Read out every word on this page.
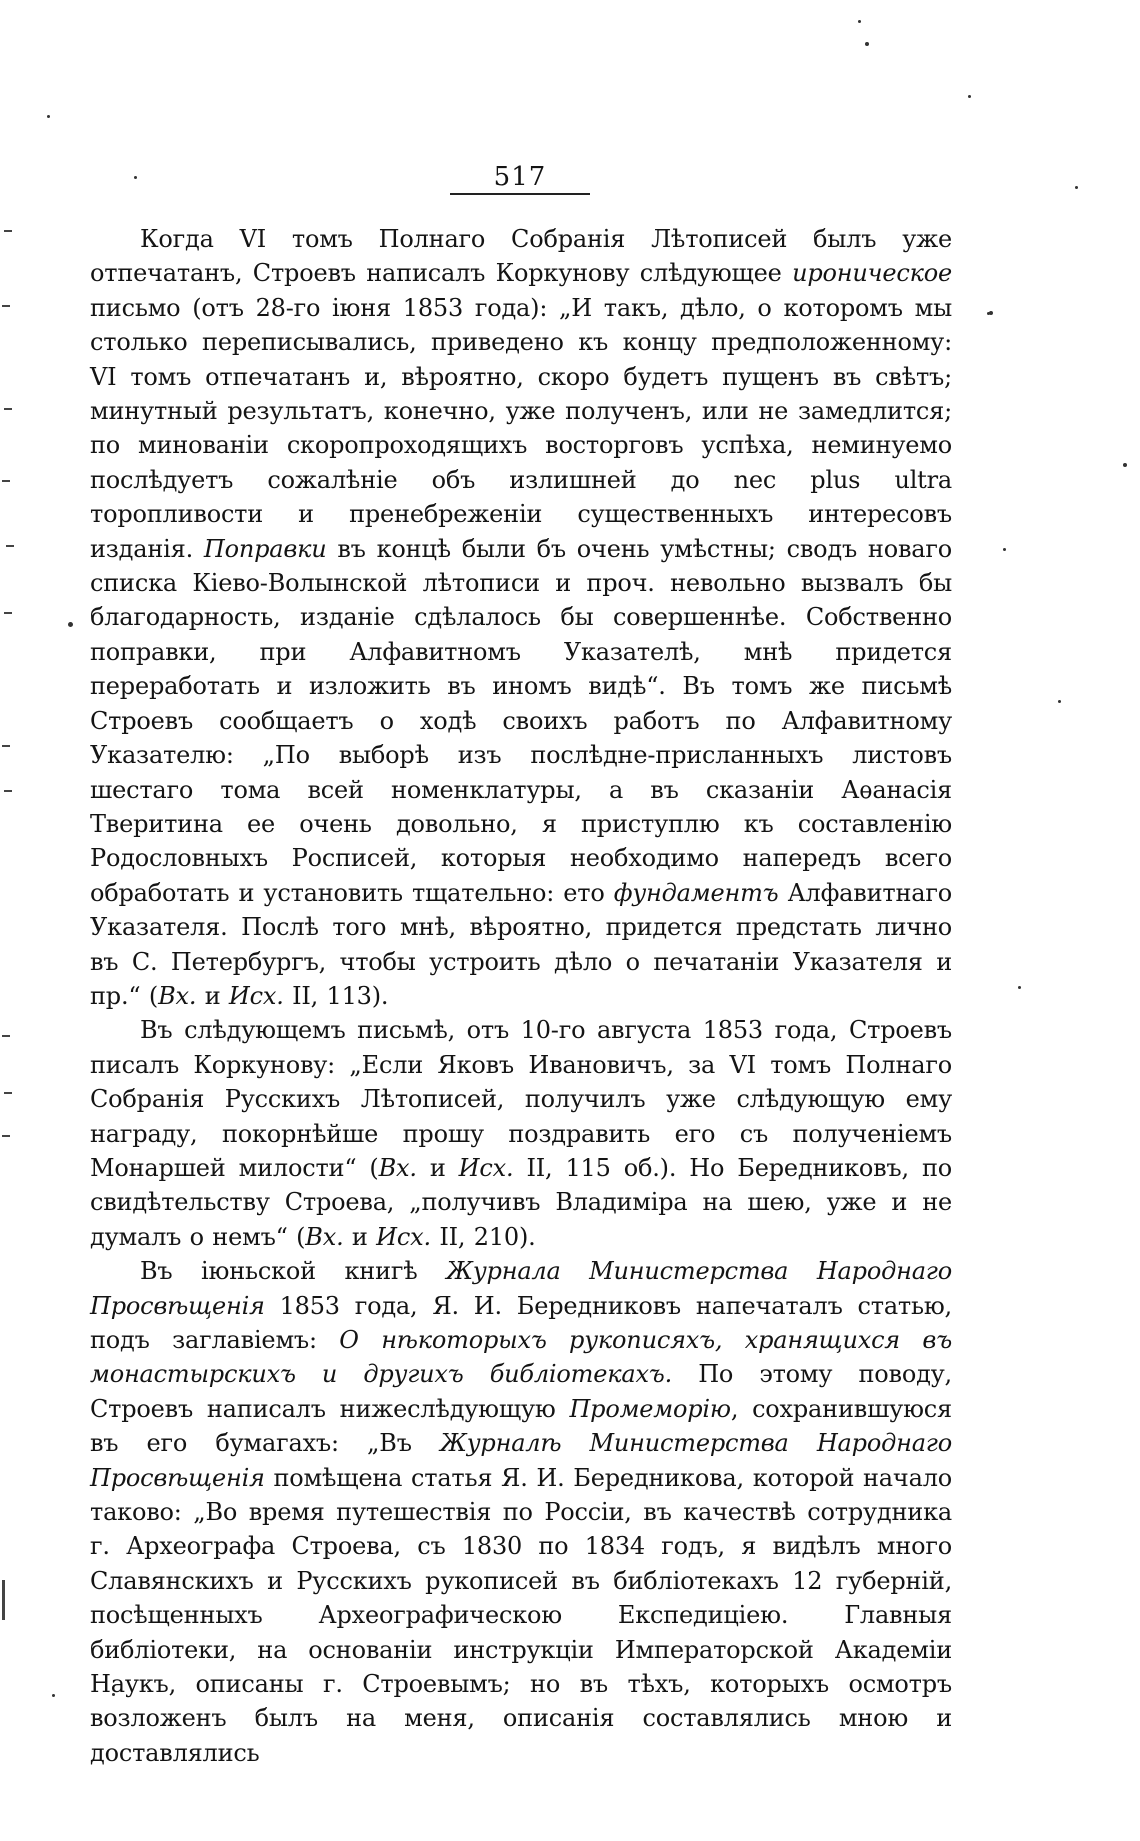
517

Когда VI томъ Полнаго Собранія Лѣтописей былъ уже отпечатанъ, Строевъ написалъ Коркунову слѣдующее ироническое письмо (отъ 28-го іюня 1853 года): „И такъ, дѣло, о которомъ мы столько переписывались, приведено къ концу предположенному: VI томъ отпечатанъ и, вѣроятно, скоро будетъ пущенъ въ свѣтъ; минутный результатъ, конечно, уже полученъ, или не замедлится; по минованіи скоропроходящихъ восторговъ успѣха, неминуемо послѣдуетъ сожалѣніе объ излишней до nec plus ultra торопливости и пренебреженіи существенныхъ интересовъ изданія. Поправки въ концѣ были бъ очень умѣстны; сводъ новаго списка Кіево-Волынской лѣтописи и проч. невольно вызвалъ бы благодарность, изданіе сдѣлалось бы совершеннѣе. Собственно поправки, при Алфавитномъ Указателѣ, мнѣ придется переработать и изложить въ иномъ видѣ“. Въ томъ же письмѣ Строевъ сообщаетъ о ходѣ своихъ работъ по Алфавитному Указателю: „По выборѣ изъ послѣдне-присланныхъ листовъ шестаго тома всей номенклатуры, а въ сказаніи Аѳанасія Тверитина ее очень довольно, я приступлю къ составленію Родословныхъ Росписей, которыя необходимо напередъ всего обработать и установить тщательно: ето фундаментъ Алфавитнаго Указателя. Послѣ того мнѣ, вѣроятно, придется предстать лично въ С. Петербургъ, чтобы устроить дѣло о печатаніи Указателя и пр.“ (Вх. и Исх. II, 113).

Въ слѣдующемъ письмѣ, отъ 10-го августа 1853 года, Строевъ писалъ Коркунову: „Если Яковъ Ивановичъ, за VI томъ Полнаго Собранія Русскихъ Лѣтописей, получилъ уже слѣдующую ему награду, покорнѣйше прошу поздравить его съ полученіемъ Монаршей милости“ (Вх. и Исх. II, 115 об.). Но Бередниковъ, по свидѣтельству Строева, „получивъ Владиміра на шею, уже и не думалъ о немъ“ (Вх. и Исх. II, 210).

Въ іюньской книгѣ Журнала Министерства Народнаго Просвѣщенія 1853 года, Я. И. Бередниковъ напечаталъ статью, подъ заглавіемъ: О нѣкоторыхъ рукописяхъ, хранящихся въ монастырскихъ и другихъ библіотекахъ. По этому поводу, Строевъ написалъ нижеслѣдующую Промеморію, сохранившуюся въ его бумагахъ: „Въ Журналѣ Министерства Народнаго Просвѣщенія помѣщена статья Я. И. Бередникова, которой начало таково: „Во время путешествія по Россіи, въ качествѣ сотрудника г. Археографа Строева, съ 1830 по 1834 годъ, я видѣлъ много Славянскихъ и Русскихъ рукописей въ библіотекахъ 12 губерній, посѣщенныхъ Археографическою Експедиціею. Главныя библіотеки, на основаніи инструкціи Императорской Академіи Наукъ, описаны г. Строевымъ; но въ тѣхъ, которыхъ осмотръ возложенъ былъ на меня, описанія составлялись мною и доставлялись
